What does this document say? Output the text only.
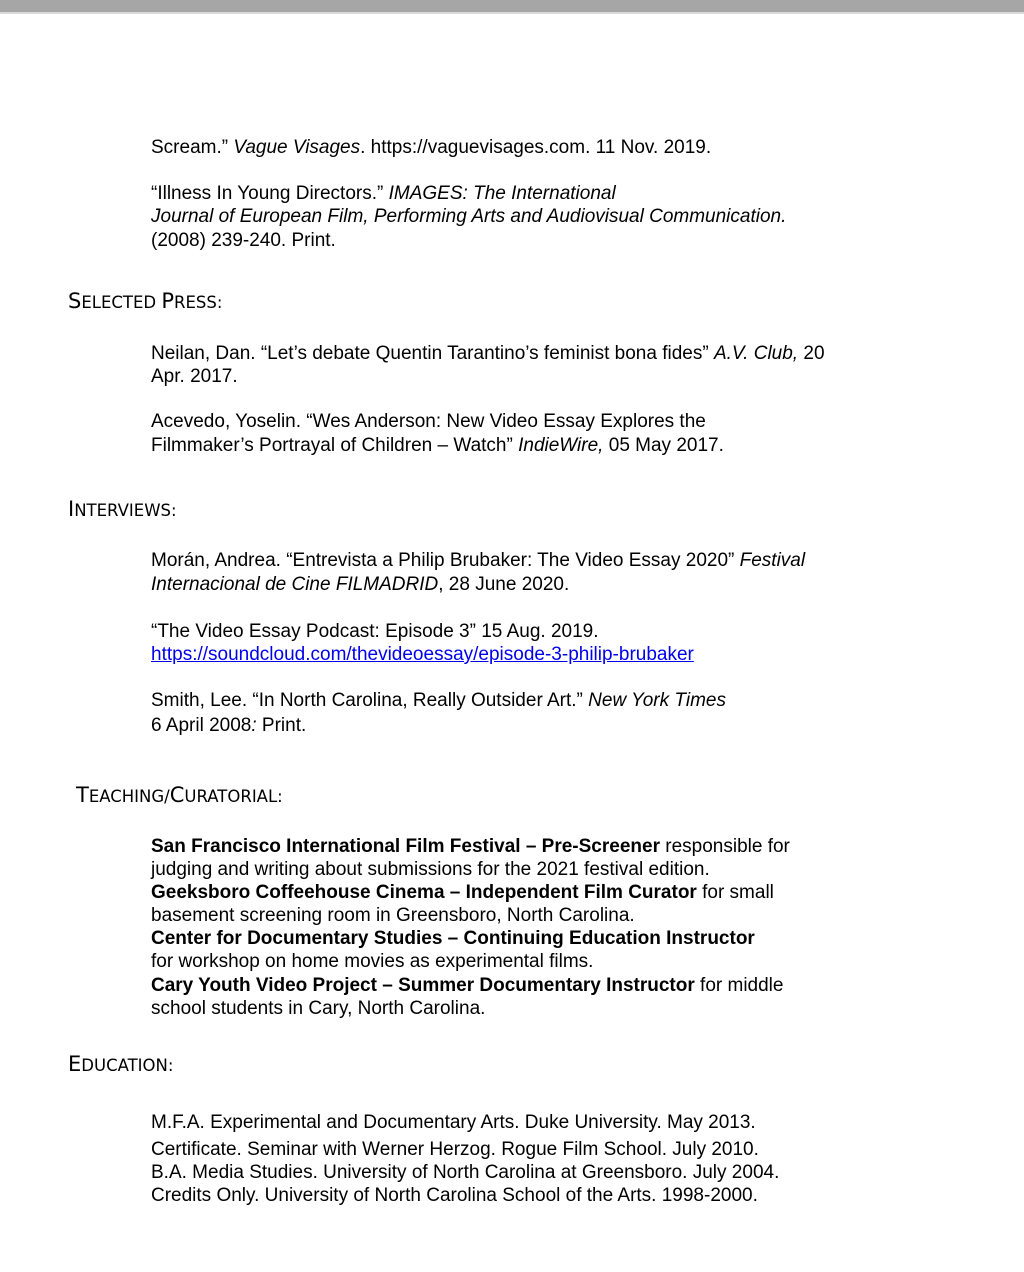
Scream.” Vague Visages. https://vaguevisages.com. 11 Nov. 2019.
“Illness In Young Directors.” IMAGES: The International
Journal of European Film, Performing Arts and Audiovisual Communication.
(2008) 239-240. Print.
SELECTED PRESS:
Neilan, Dan. “Let’s debate Quentin Tarantino’s feminist bona fides” A.V. Club, 20
Apr. 2017.
Acevedo, Yoselin. “Wes Anderson: New Video Essay Explores the
Filmmaker’s Portrayal of Children – Watch” IndieWire, 05 May 2017.
INTERVIEWS:
Morán, Andrea. “Entrevista a Philip Brubaker: The Video Essay 2020” Festival
Internacional de Cine FILMADRID, 28 June 2020.
“The Video Essay Podcast: Episode 3” 15 Aug. 2019.
https://soundcloud.com/thevideoessay/episode-3-philip-brubaker
Smith, Lee. “In North Carolina, Really Outsider Art.” New York Times
6 April 2008: Print.
TEACHING/CURATORIAL:
San Francisco International Film Festival – Pre-Screener responsible for
judging and writing about submissions for the 2021 festival edition.
Geeksboro Coffeehouse Cinema – Independent Film Curator for small
basement screening room in Greensboro, North Carolina.
Center for Documentary Studies – Continuing Education Instructor
for workshop on home movies as experimental films.
Cary Youth Video Project – Summer Documentary Instructor for middle
school students in Cary, North Carolina.
EDUCATION:
M.F.A. Experimental and Documentary Arts. Duke University. May 2013.
Certificate. Seminar with Werner Herzog. Rogue Film School. July 2010.
B.A. Media Studies. University of North Carolina at Greensboro. July 2004.
Credits Only. University of North Carolina School of the Arts. 1998-2000.
